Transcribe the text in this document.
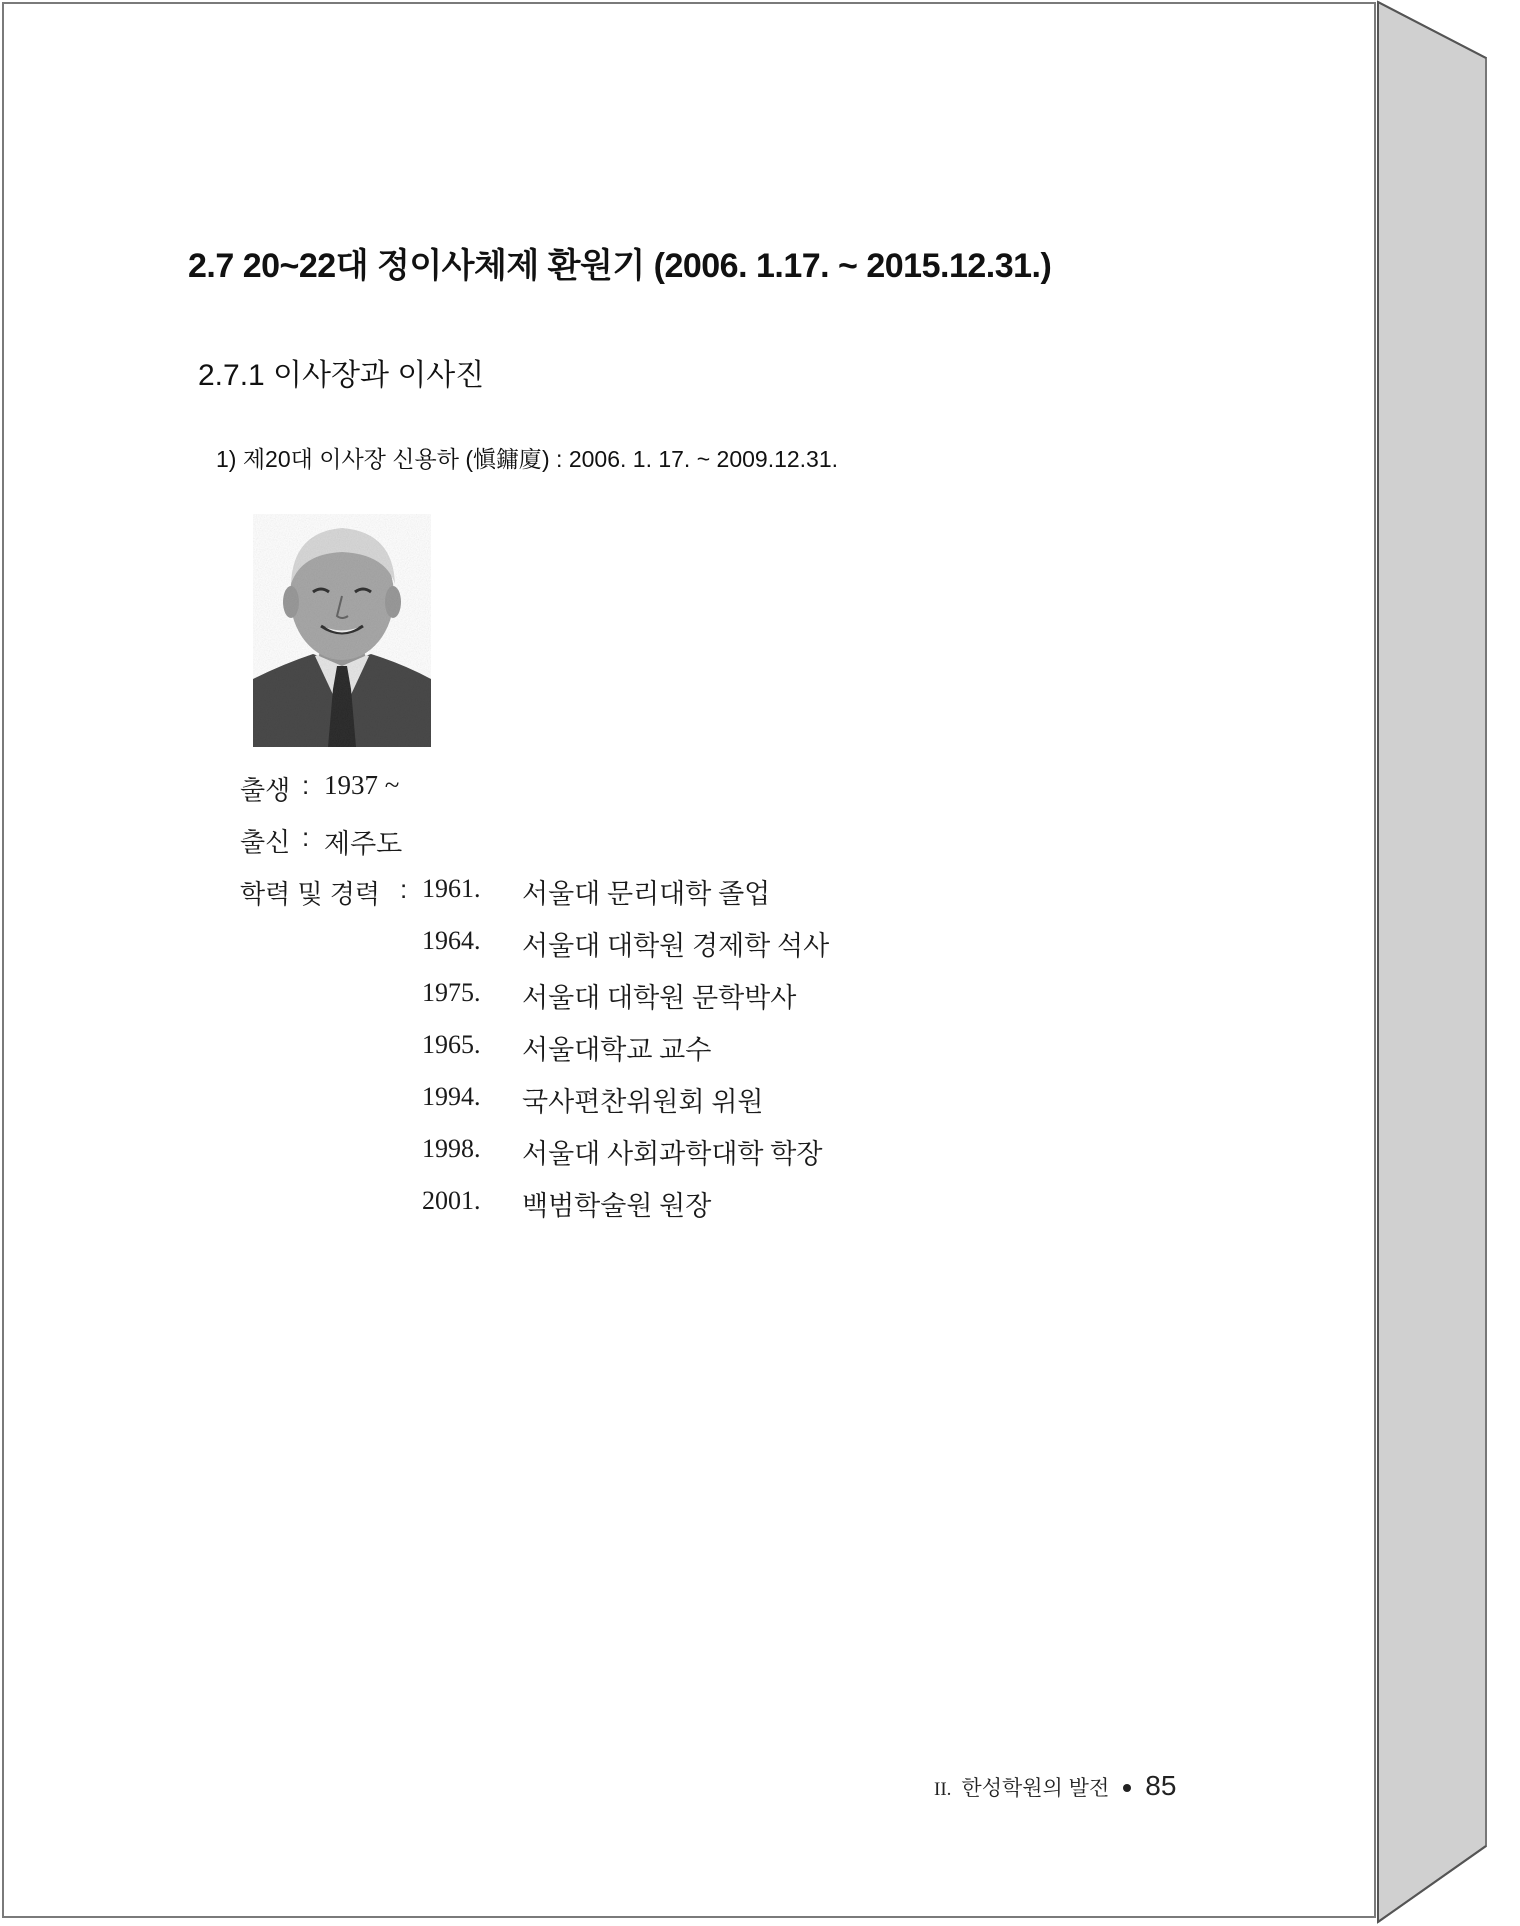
2.7 20~22대 정이사체제 환원기 (2006. 1.17. ~ 2015.12.31.)
2.7.1 이사장과 이사진
1) 제20대 이사장 신용하 (愼鏞廈) : 2006. 1. 17. ~ 2009.12.31.
출생 : 1937 ~
출신 : 제주도
학력 및 경력 : 1961. 서울대 문리대학 졸업
1964. 서울대 대학원 경제학 석사
1975. 서울대 대학원 문학박사
1965. 서울대학교 교수
1994. 국사편찬위원회 위원
1998. 서울대 사회과학대학 학장
2001. 백범학술원 원장
II. 한성학원의 발전 85
